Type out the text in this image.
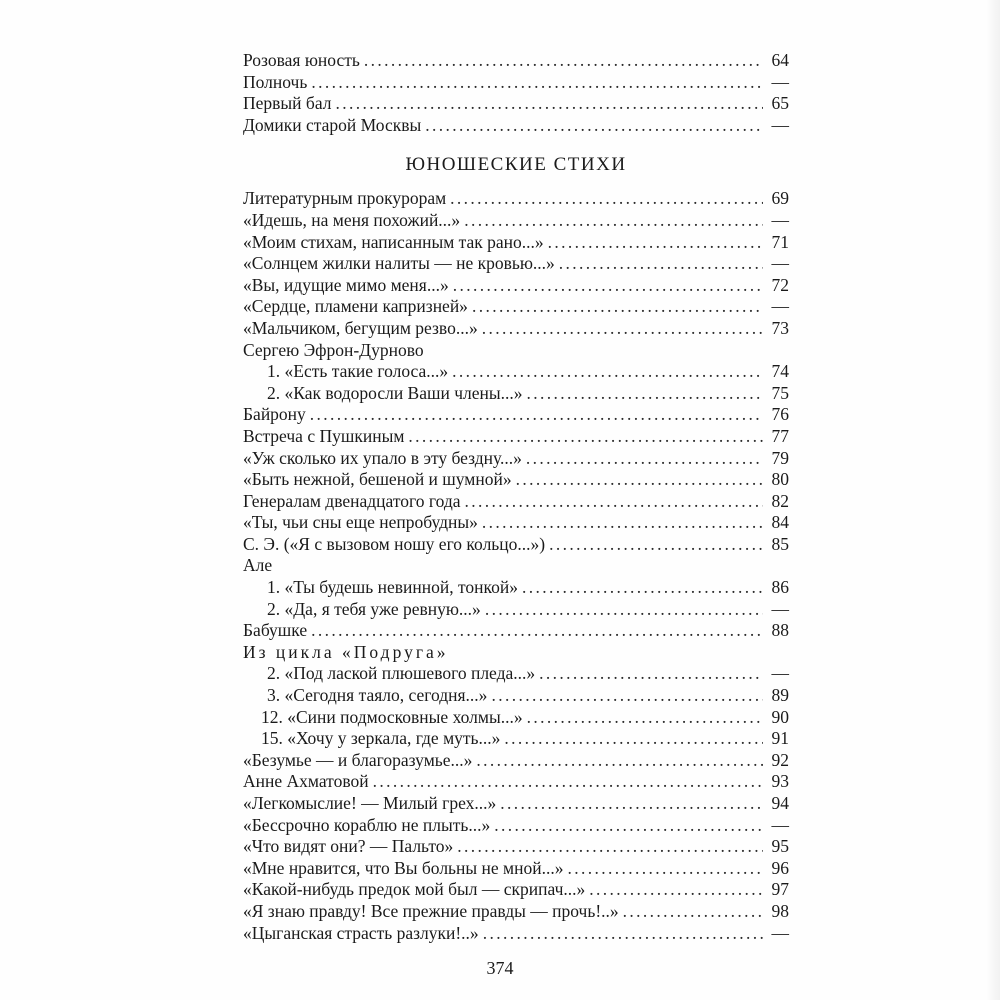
Розовая юность . . .	64
Полночь . . .	—
Первый бал . . .	65
Домики старой Москвы . . .	—
ЮНОШЕСКИЕ СТИХИ
Литературным прокурорам . . .	69
«Идешь, на меня похожий...» . . .	—
«Моим стихам, написанным так рано...» . . .	71
«Солнцем жилки налиты — не кровью...» . . .	—
«Вы, идущие мимо меня...» . . .	72
«Сердце, пламени капризней» . . .	—
«Мальчиком, бегущим резво...» . . .	73
Сергею Эфрон-Дурново
1. «Есть такие голоса...» . . .	74
2. «Как водоросли Ваши члены...» . . .	75
Байрону . . .	76
Встреча с Пушкиным . . .	77
«Уж сколько их упало в эту бездну...» . . .	79
«Быть нежной, бешеной и шумной» . . .	80
Генералам двенадцатого года . . .	82
«Ты, чьи сны еще непробудны» . . .	84
С. Э. («Я с вызовом ношу его кольцо...») . . .	85
Але
1. «Ты будешь невинной, тонкой» . . .	86
2. «Да, я тебя уже ревную...» . . .	—
Бабушке . . .	88
Из цикла «Подруга»
2. «Под лаской плюшевого пледа...» . . .	—
3. «Сегодня таяло, сегодня...» . . .	89
12. «Сини подмосковные холмы...» . . .	90
15. «Хочу у зеркала, где муть...» . . .	91
«Безумье — и благоразумье...» . . .	92
Анне Ахматовой . . .	93
«Легкомыслие! — Милый грех...» . . .	94
«Бессрочно кораблю не плыть...» . . .	—
«Что видят они? — Пальто» . . .	95
«Мне нравится, что Вы больны не мной...» . . .	96
«Какой-нибудь предок мой был — скрипач...» . . .	97
«Я знаю правду! Все прежние правды — прочь!..» . . .	98
«Цыганская страсть разлуки!..» . . .	—
374
